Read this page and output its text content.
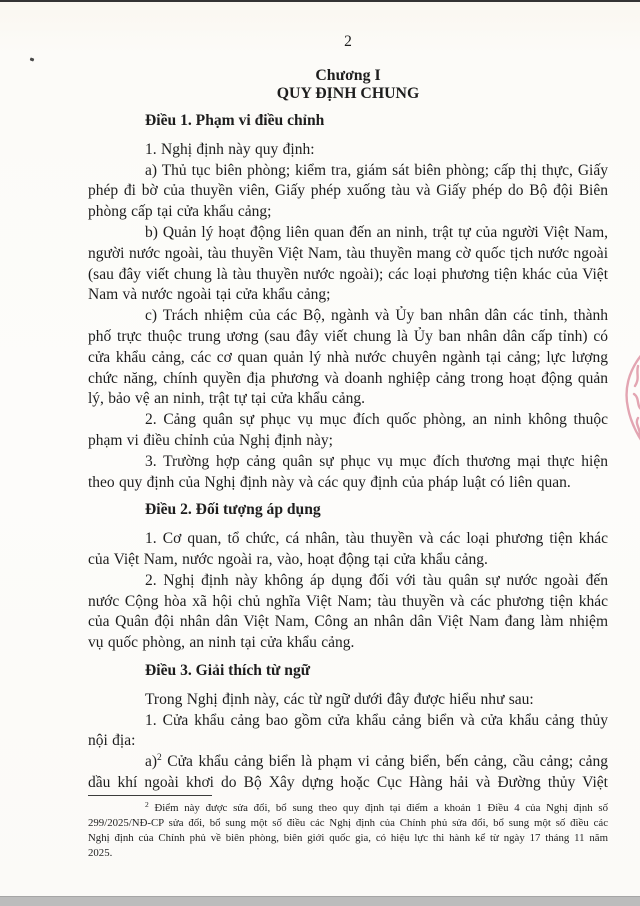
2
Chương I
QUY ĐỊNH CHUNG
Điều 1. Phạm vi điều chỉnh

1. Nghị định này quy định:

a) Thủ tục biên phòng; kiểm tra, giám sát biên phòng; cấp thị thực, Giấy phép đi bờ của thuyền viên, Giấy phép xuống tàu và Giấy phép do Bộ đội Biên phòng cấp tại cửa khẩu cảng;

b) Quản lý hoạt động liên quan đến an ninh, trật tự của người Việt Nam, người nước ngoài, tàu thuyền Việt Nam, tàu thuyền mang cờ quốc tịch nước ngoài (sau đây viết chung là tàu thuyền nước ngoài); các loại phương tiện khác của Việt Nam và nước ngoài tại cửa khẩu cảng;

c) Trách nhiệm của các Bộ, ngành và Ủy ban nhân dân các tỉnh, thành phố trực thuộc trung ương (sau đây viết chung là Ủy ban nhân dân cấp tỉnh) có cửa khẩu cảng, các cơ quan quản lý nhà nước chuyên ngành tại cảng; lực lượng chức năng, chính quyền địa phương và doanh nghiệp cảng trong hoạt động quản lý, bảo vệ an ninh, trật tự tại cửa khẩu cảng.

2. Cảng quân sự phục vụ mục đích quốc phòng, an ninh không thuộc phạm vi điều chỉnh của Nghị định này;

3. Trường hợp cảng quân sự phục vụ mục đích thương mại thực hiện theo quy định của Nghị định này và các quy định của pháp luật có liên quan.

Điều 2. Đối tượng áp dụng

1. Cơ quan, tổ chức, cá nhân, tàu thuyền và các loại phương tiện khác của Việt Nam, nước ngoài ra, vào, hoạt động tại cửa khẩu cảng.

2. Nghị định này không áp dụng đối với tàu quân sự nước ngoài đến nước Cộng hòa xã hội chủ nghĩa Việt Nam; tàu thuyền và các phương tiện khác của Quân đội nhân dân Việt Nam, Công an nhân dân Việt Nam đang làm nhiệm vụ quốc phòng, an ninh tại cửa khẩu cảng.

Điều 3. Giải thích từ ngữ

Trong Nghị định này, các từ ngữ dưới đây được hiểu như sau:

1. Cửa khẩu cảng bao gồm cửa khẩu cảng biển và cửa khẩu cảng thủy nội địa:

a)$^2$ Cửa khẩu cảng biển là phạm vi cảng biển, bến cảng, cầu cảng; cảng dầu khí ngoài khơi do Bộ Xây dựng hoặc Cục Hàng hải và Đường thủy Việt

$^2$ Điểm này được sửa đổi, bổ sung theo quy định tại điểm a khoản 1 Điều 4 của Nghị định số 299/2025/NĐ-CP sửa đổi, bổ sung một số điều các Nghị định của Chính phủ sửa đổi, bổ sung một số điều các Nghị định của Chính phủ về biên phòng, biên giới quốc gia, có hiệu lực thi hành kể từ ngày 17 tháng 11 năm 2025.
